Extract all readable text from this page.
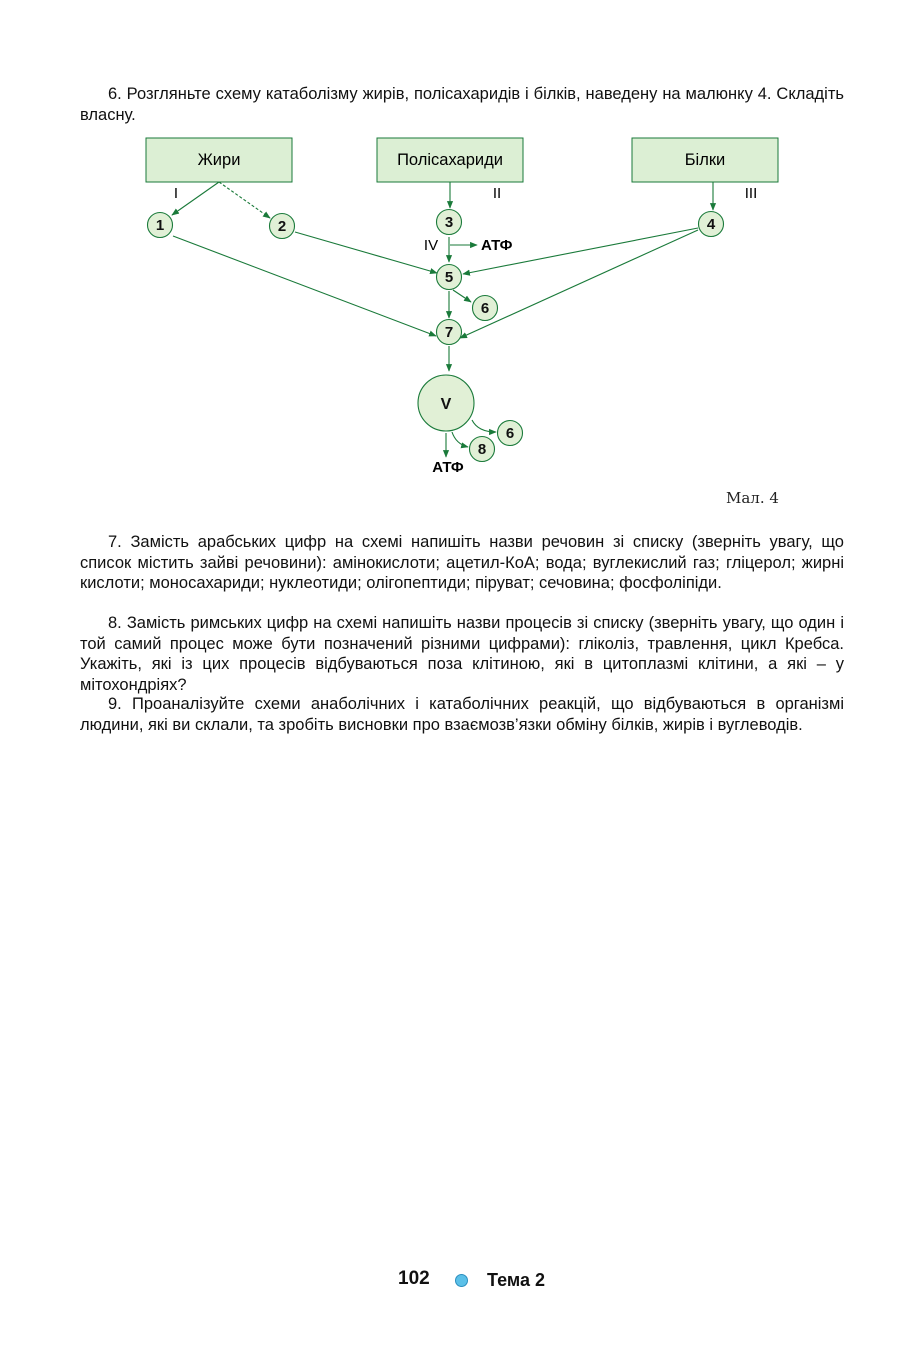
6. Розгляньте схему катаболізму жирів, полісахаридів і білків, наведену на малюнку 4. Складіть власну.

Жири	Полісахариди	Білки
I	II	III
IV	АТФ
АТФ
1	2	3	4
5
6
7
V
6
8
Мал. 4

7. Замість арабських цифр на схемі напишіть назви речовин зі списку (зверніть увагу, що список містить зайві речовини): амінокислоти; ацетил-КоА; вода; вуглекислий газ; гліцерол; жирні кислоти; моносахариди; нуклеотиди; олігопептиди; піруват; сечовина; фосфоліпіди.

8. Замість римських цифр на схемі напишіть назви процесів зі списку (зверніть увагу, що один і той самий процес може бути позначений різними цифрами): гліколіз, травлення, цикл Кребса. Укажіть, які із цих процесів відбуваються поза клітиною, які в цитоплазмі клітини, а які – у мітохондріях?

9. Проаналізуйте схеми анаболічних і катаболічних реакцій, що відбуваються в організмі людини, які ви склали, та зробіть висновки про взаємозв’язки обміну білків, жирів і вуглеводів.

102	Тема 2
